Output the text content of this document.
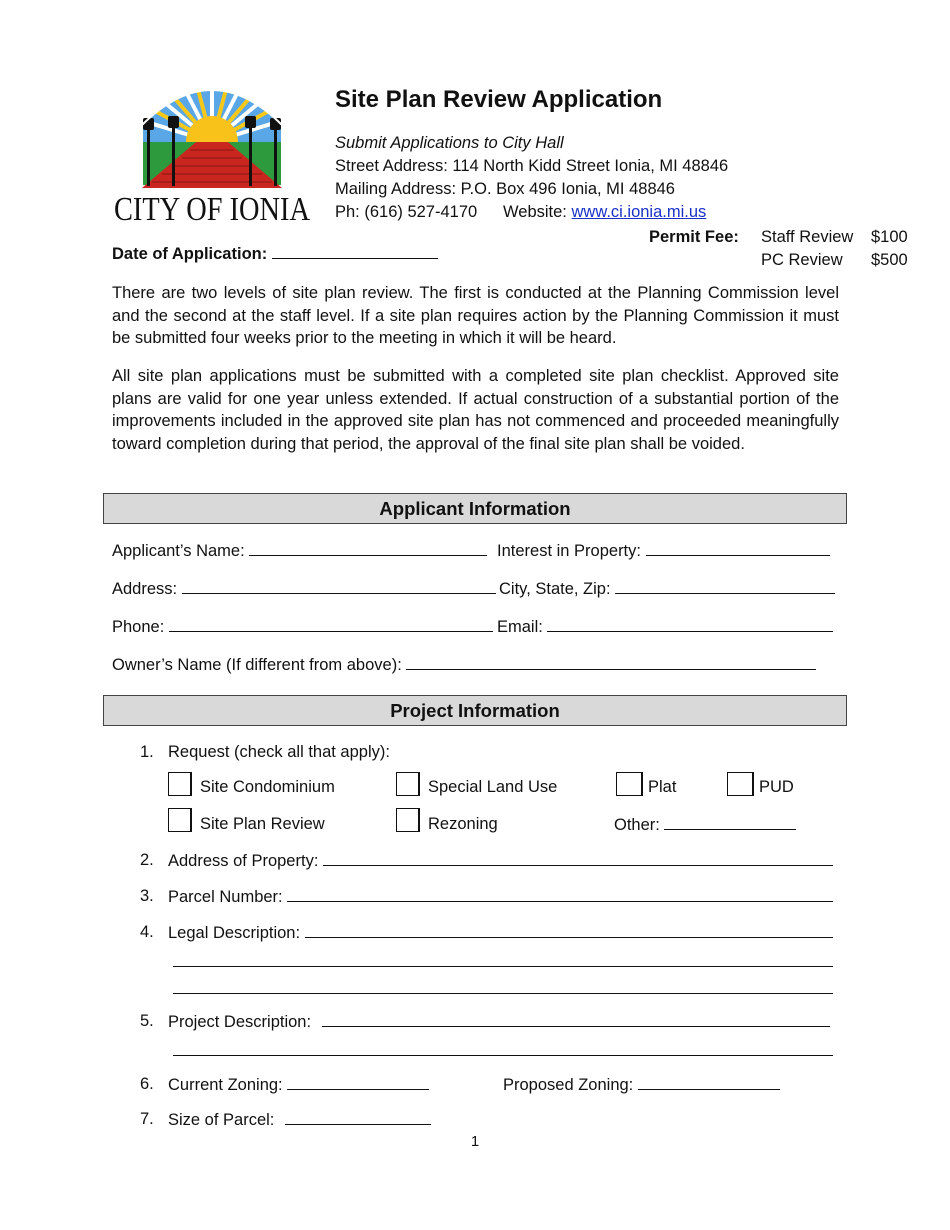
CITY OF IONIA
Site Plan Review Application
Submit Applications to City Hall
Street Address: 114 North Kidd Street Ionia, MI 48846
Mailing Address: P.O. Box 496 Ionia, MI 48846
Ph: (616) 527-4170 Website: www.ci.ionia.mi.us
Date of Application:
Permit Fee: Staff Review $100
PC Review $500
There are two levels of site plan review. The first is conducted at the Planning Commission level and the second at the staff level. If a site plan requires action by the Planning Commission it must be submitted four weeks prior to the meeting in which it will be heard.
All site plan applications must be submitted with a completed site plan checklist. Approved site plans are valid for one year unless extended. If actual construction of a substantial portion of the improvements included in the approved site plan has not commenced and proceeded meaningfully toward completion during that period, the approval of the final site plan shall be voided.
Applicant Information
Applicant’s Name:	Interest in Property:
Address:	City, State, Zip:
Phone:	Email:
Owner’s Name (If different from above):
Project Information
1. Request (check all that apply):
Site Condominium	Special Land Use	Plat	PUD
Site Plan Review	Rezoning	Other:
2. Address of Property:
3. Parcel Number:
4. Legal Description:
5. Project Description:
6. Current Zoning:	Proposed Zoning:
7. Size of Parcel:
1
